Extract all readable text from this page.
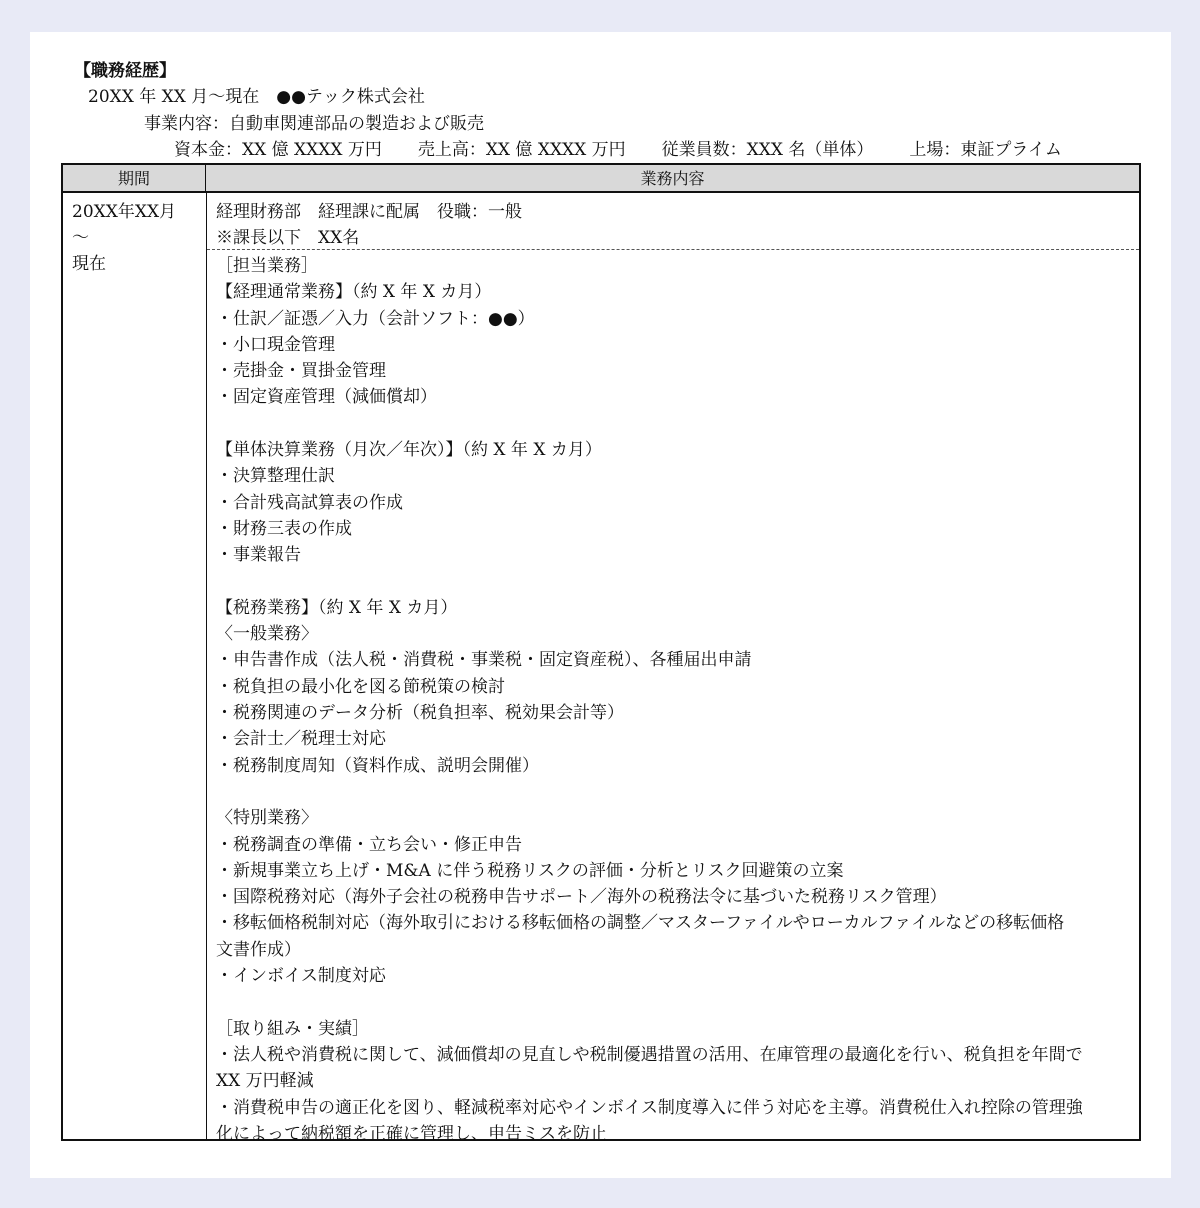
【職務経歴】
20XX 年 XX 月〜現在　●●テック株式会社
事業内容：自動車関連部品の製造および販売
資本金：XX 億 XXXX 万円 売上高：XX 億 XXXX 万円 従業員数：XXX 名（単体） 上場：東証プライム
期間	業務内容
20XX年XX月
〜
現在
経理財務部　経理課に配属　役職：一般
※課長以下　XX名
［担当業務］
【経理通常業務】（約 X 年 X カ月）
・仕訳／証憑／入力（会計ソフト：●●）
・小口現金管理
・売掛金・買掛金管理
・固定資産管理（減価償却）
【単体決算業務（月次／年次）】（約 X 年 X カ月）
・決算整理仕訳
・合計残高試算表の作成
・財務三表の作成
・事業報告
【税務業務】（約 X 年 X カ月）
〈一般業務〉
・申告書作成（法人税・消費税・事業税・固定資産税）、各種届出申請
・税負担の最小化を図る節税策の検討
・税務関連のデータ分析（税負担率、税効果会計等）
・会計士／税理士対応
・税務制度周知（資料作成、説明会開催）
〈特別業務〉
・税務調査の準備・立ち会い・修正申告
・新規事業立ち上げ・M&A に伴う税務リスクの評価・分析とリスク回避策の立案
・国際税務対応（海外子会社の税務申告サポート／海外の税務法令に基づいた税務リスク管理）
・移転価格税制対応（海外取引における移転価格の調整／マスターファイルやローカルファイルなどの移転価格
文書作成）
・インボイス制度対応
［取り組み・実績］
・法人税や消費税に関して、減価償却の見直しや税制優遇措置の活用、在庫管理の最適化を行い、税負担を年間で
XX 万円軽減
・消費税申告の適正化を図り、軽減税率対応やインボイス制度導入に伴う対応を主導。消費税仕入れ控除の管理強
化によって納税額を正確に管理し、申告ミスを防止
